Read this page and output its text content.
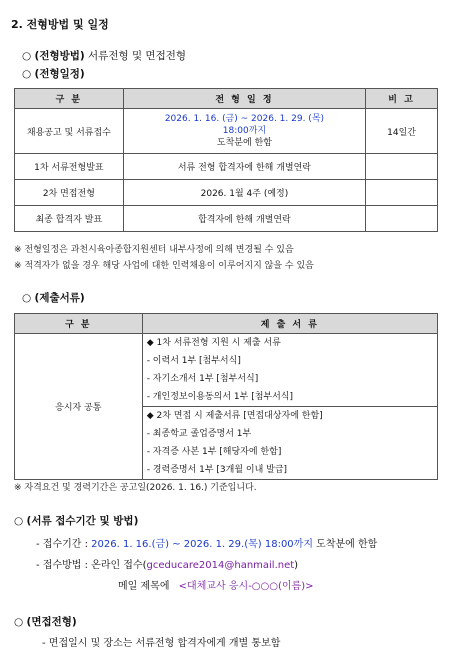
2. 전형방법 및 일정
○ (전형방법) 서류전형 및 면접전형
○ (전형일정)
구 분	전 형 일 정	비 고
채용공고 및 서류접수	2026. 1. 16. (금) ~ 2026. 1. 29. (목)
18:00까지
도착분에 한함	14일간
1차 서류전형발표	서류 전형 합격자에 한해 개별연락	
2차 면접전형	2026. 1월 4주 (예정)	
최종 합격자 발표	합격자에 한해 개별연락	
※ 전형일정은 과천시육아종합지원센터 내부사정에 의해 변경될 수 있음
※ 적격자가 없을 경우 해당 사업에 대한 인력채용이 이루어지지 않을 수 있음
○ (제출서류)
구 분	제 출 서 류
응시자 공통	◆ 1차 서류전형 지원 시 제출 서류
- 이력서 1부 [첨부서식]
- 자기소개서 1부 [첨부서식]
- 개인정보이용동의서 1부 [첨부서식]

	◆ 2차 면접 시 제출서류 [면접대상자에 한함]
- 최종학교 졸업증명서 1부
- 자격증 사본 1부 [해당자에 한함]
- 경력증명서 1부 [3개월 이내 발급]
※ 자격요건 및 경력기간은 공고일(2026. 1. 16.) 기준입니다.
○ (서류 접수기간 및 방법)
- 접수기간 : 2026. 1. 16.(금) ~ 2026. 1. 29.(목) 18:00까지 도착분에 한함
- 접수방법 : 온라인 접수(gceducare2014@hanmail.net)
메일 제목에 <대체교사 응시-○○○(이름)>
○ (면접전형)
- 면접일시 및 장소는 서류전형 합격자에게 개별 통보함
